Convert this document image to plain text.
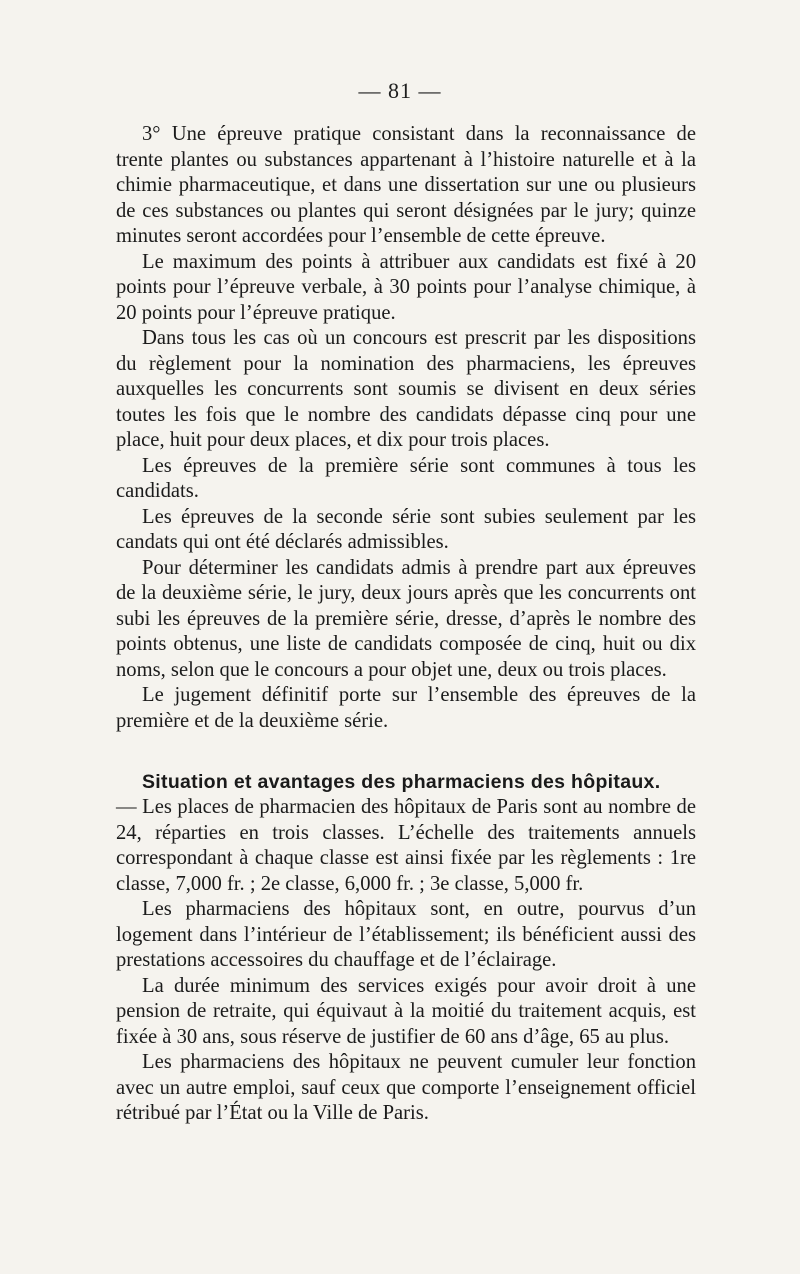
— 81 —

3° Une épreuve pratique consistant dans la reconnaissance de trente plantes ou substances appartenant à l’histoire naturelle et à la chimie pharmaceutique, et dans une dissertation sur une ou plusieurs de ces substances ou plantes qui seront désignées par le jury; quinze minutes seront accordées pour l’ensemble de cette épreuve.

Le maximum des points à attribuer aux candidats est fixé à 20 points pour l’épreuve verbale, à 30 points pour l’analyse chimique, à 20 points pour l’épreuve pratique.

Dans tous les cas où un concours est prescrit par les dispositions du règlement pour la nomination des pharmaciens, les épreuves auxquelles les concurrents sont soumis se divisent en deux séries toutes les fois que le nombre des candidats dépasse cinq pour une place, huit pour deux places, et dix pour trois places.

Les épreuves de la première série sont communes à tous les candidats.

Les épreuves de la seconde série sont subies seulement par les candats qui ont été déclarés admissibles.

Pour déterminer les candidats admis à prendre part aux épreuves de la deuxième série, le jury, deux jours après que les concurrents ont subi les épreuves de la première série, dresse, d’après le nombre des points obtenus, une liste de candidats composée de cinq, huit ou dix noms, selon que le concours a pour objet une, deux ou trois places.

Le jugement définitif porte sur l’ensemble des épreuves de la première et de la deuxième série.

Situation et avantages des pharmaciens des hôpitaux.

— Les places de pharmacien des hôpitaux de Paris sont au nombre de 24, réparties en trois classes. L’échelle des traitements annuels correspondant à chaque classe est ainsi fixée par les règlements : 1re classe, 7,000 fr. ; 2e classe, 6,000 fr. ; 3e classe, 5,000 fr.

Les pharmaciens des hôpitaux sont, en outre, pourvus d’un logement dans l’intérieur de l’établissement; ils bénéficient aussi des prestations accessoires du chauffage et de l’éclairage.

La durée minimum des services exigés pour avoir droit à une pension de retraite, qui équivaut à la moitié du traitement acquis, est fixée à 30 ans, sous réserve de justifier de 60 ans d’âge, 65 au plus.

Les pharmaciens des hôpitaux ne peuvent cumuler leur fonction avec un autre emploi, sauf ceux que comporte l’enseignement officiel rétribué par l’État ou la Ville de Paris.
